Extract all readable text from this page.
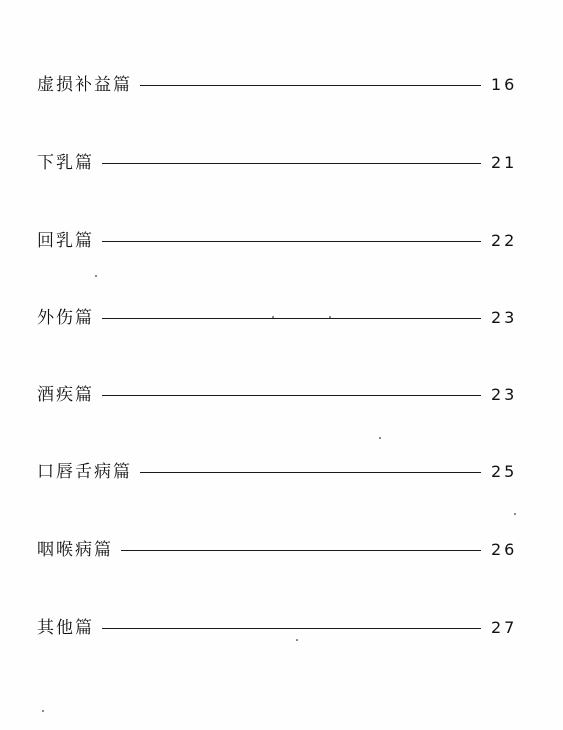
虚损补益篇	16
下乳篇	21
回乳篇	22
外伤篇	23
酒疾篇	23
口唇舌病篇	25
咽喉病篇	26
其他篇	27
